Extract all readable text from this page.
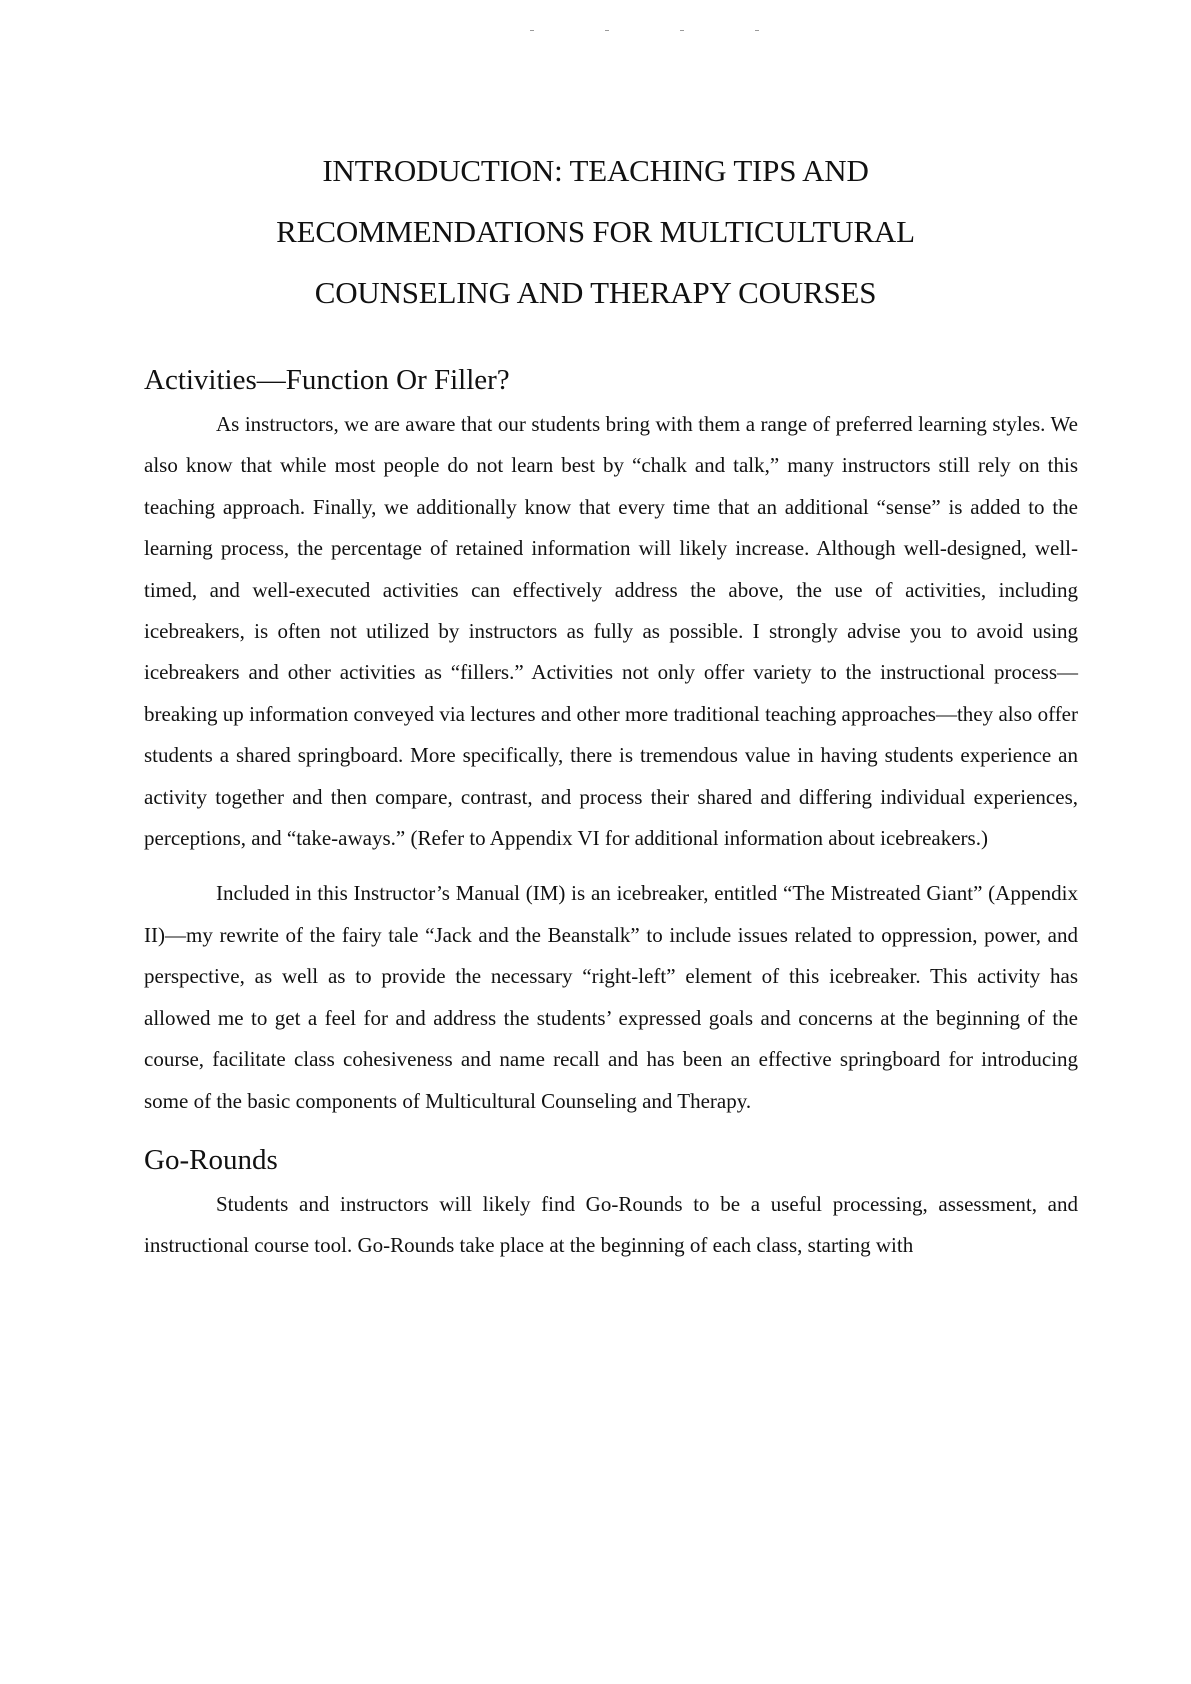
INTRODUCTION: TEACHING TIPS AND
RECOMMENDATIONS FOR MULTICULTURAL
COUNSELING AND THERAPY COURSES
Activities—Function Or Filler?

As instructors, we are aware that our students bring with them a range of preferred learning styles. We also know that while most people do not learn best by “chalk and talk,” many instructors still rely on this teaching approach. Finally, we additionally know that every time that an additional “sense” is added to the learning process, the percentage of retained information will likely increase. Although well-designed, well-timed, and well-executed activities can effectively address the above, the use of activities, including icebreakers, is often not utilized by instructors as fully as possible. I strongly advise you to avoid using icebreakers and other activities as “fillers.” Activities not only offer variety to the instructional process—breaking up information conveyed via lectures and other more traditional teaching approaches—they also offer students a shared springboard. More specifically, there is tremendous value in having students experience an activity together and then compare, contrast, and process their shared and differing individual experiences, perceptions, and “take-aways.” (Refer to Appendix VI for additional information about icebreakers.)

Included in this Instructor’s Manual (IM) is an icebreaker, entitled “The Mistreated Giant” (Appendix II)—my rewrite of the fairy tale “Jack and the Beanstalk” to include issues related to oppression, power, and perspective, as well as to provide the necessary “right-left” element of this icebreaker. This activity has allowed me to get a feel for and address the students’ expressed goals and concerns at the beginning of the course, facilitate class cohesiveness and name recall and has been an effective springboard for introducing some of the basic components of Multicultural Counseling and Therapy.

Go-Rounds

Students and instructors will likely find Go-Rounds to be a useful processing, assessment, and instructional course tool. Go-Rounds take place at the beginning of each class, starting with
